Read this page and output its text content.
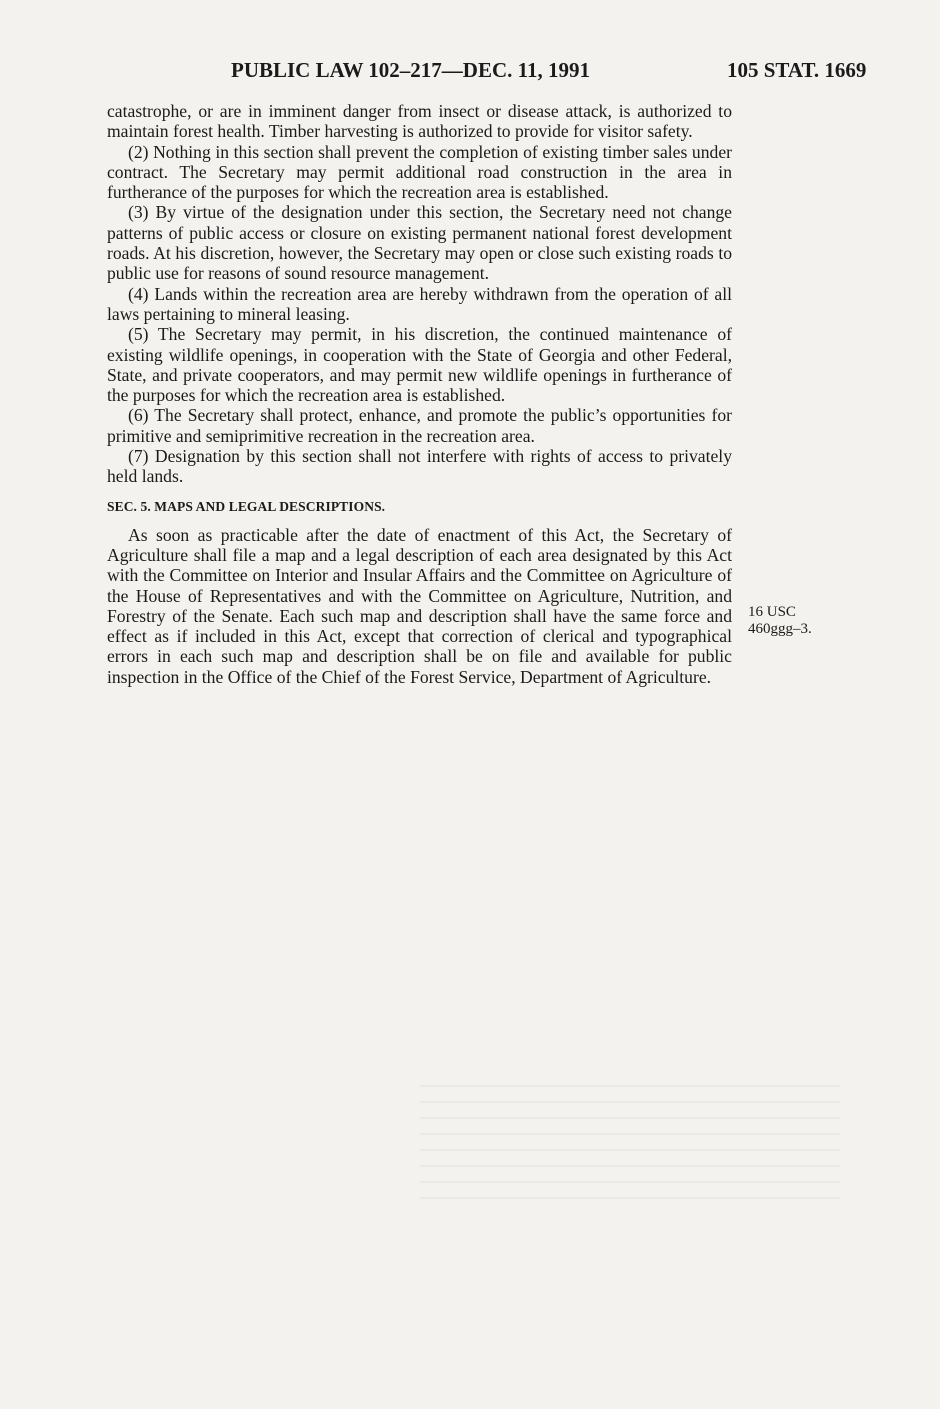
PUBLIC LAW 102–217—DEC. 11, 1991	105 STAT. 1669

catastrophe, or are in imminent danger from insect or disease attack, is authorized to maintain forest health. Timber harvesting is authorized to provide for visitor safety.

(2) Nothing in this section shall prevent the completion of existing timber sales under contract. The Secretary may permit additional road construction in the area in furtherance of the purposes for which the recreation area is established.

(3) By virtue of the designation under this section, the Secretary need not change patterns of public access or closure on existing permanent national forest development roads. At his discretion, however, the Secretary may open or close such existing roads to public use for reasons of sound resource management.

(4) Lands within the recreation area are hereby withdrawn from the operation of all laws pertaining to mineral leasing.

(5) The Secretary may permit, in his discretion, the continued maintenance of existing wildlife openings, in cooperation with the State of Georgia and other Federal, State, and private cooperators, and may permit new wildlife openings in furtherance of the purposes for which the recreation area is established.

(6) The Secretary shall protect, enhance, and promote the public’s opportunities for primitive and semiprimitive recreation in the recreation area.

(7) Designation by this section shall not interfere with rights of access to privately held lands.

SEC. 5. MAPS AND LEGAL DESCRIPTIONS.

As soon as practicable after the date of enactment of this Act, the Secretary of Agriculture shall file a map and a legal description of each area designated by this Act with the Committee on Interior and Insular Affairs and the Committee on Agriculture of the House of Representatives and with the Committee on Agriculture, Nutrition, and Forestry of the Senate. Each such map and description shall have the same force and effect as if included in this Act, except that correction of clerical and typographical errors in each such map and description shall be on file and available for public inspection in the Office of the Chief of the Forest Service, Department of Agriculture.

16 USC
460ggg–3.
